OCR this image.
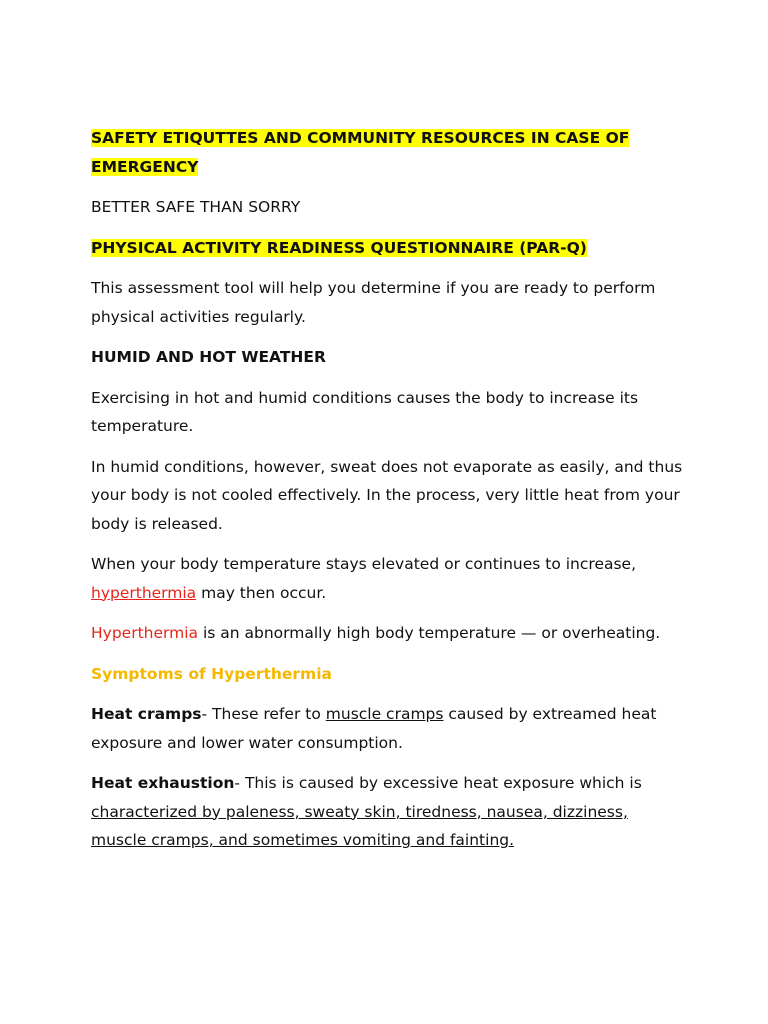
SAFETY ETIQUTTES AND COMMUNITY RESOURCES IN CASE OF
EMERGENCY

BETTER SAFE THAN SORRY

PHYSICAL ACTIVITY READINESS QUESTIONNAIRE (PAR-Q)

This assessment tool will help you determine if you are ready to perform physical activities regularly.

HUMID AND HOT WEATHER

Exercising in hot and humid conditions causes the body to increase its temperature.

In humid conditions, however, sweat does not evaporate as easily, and thus your body is not cooled effectively. In the process, very little heat from your body is released.

When your body temperature stays elevated or continues to increase, hyperthermia may then occur.

Hyperthermia is an abnormally high body temperature — or overheating.

Symptoms of Hyperthermia

Heat cramps- These refer to muscle cramps caused by extreamed heat exposure and lower water consumption.

Heat exhaustion- This is caused by excessive heat exposure which is characterized by paleness, sweaty skin, tiredness, nausea, dizziness, muscle cramps, and sometimes vomiting and fainting.
